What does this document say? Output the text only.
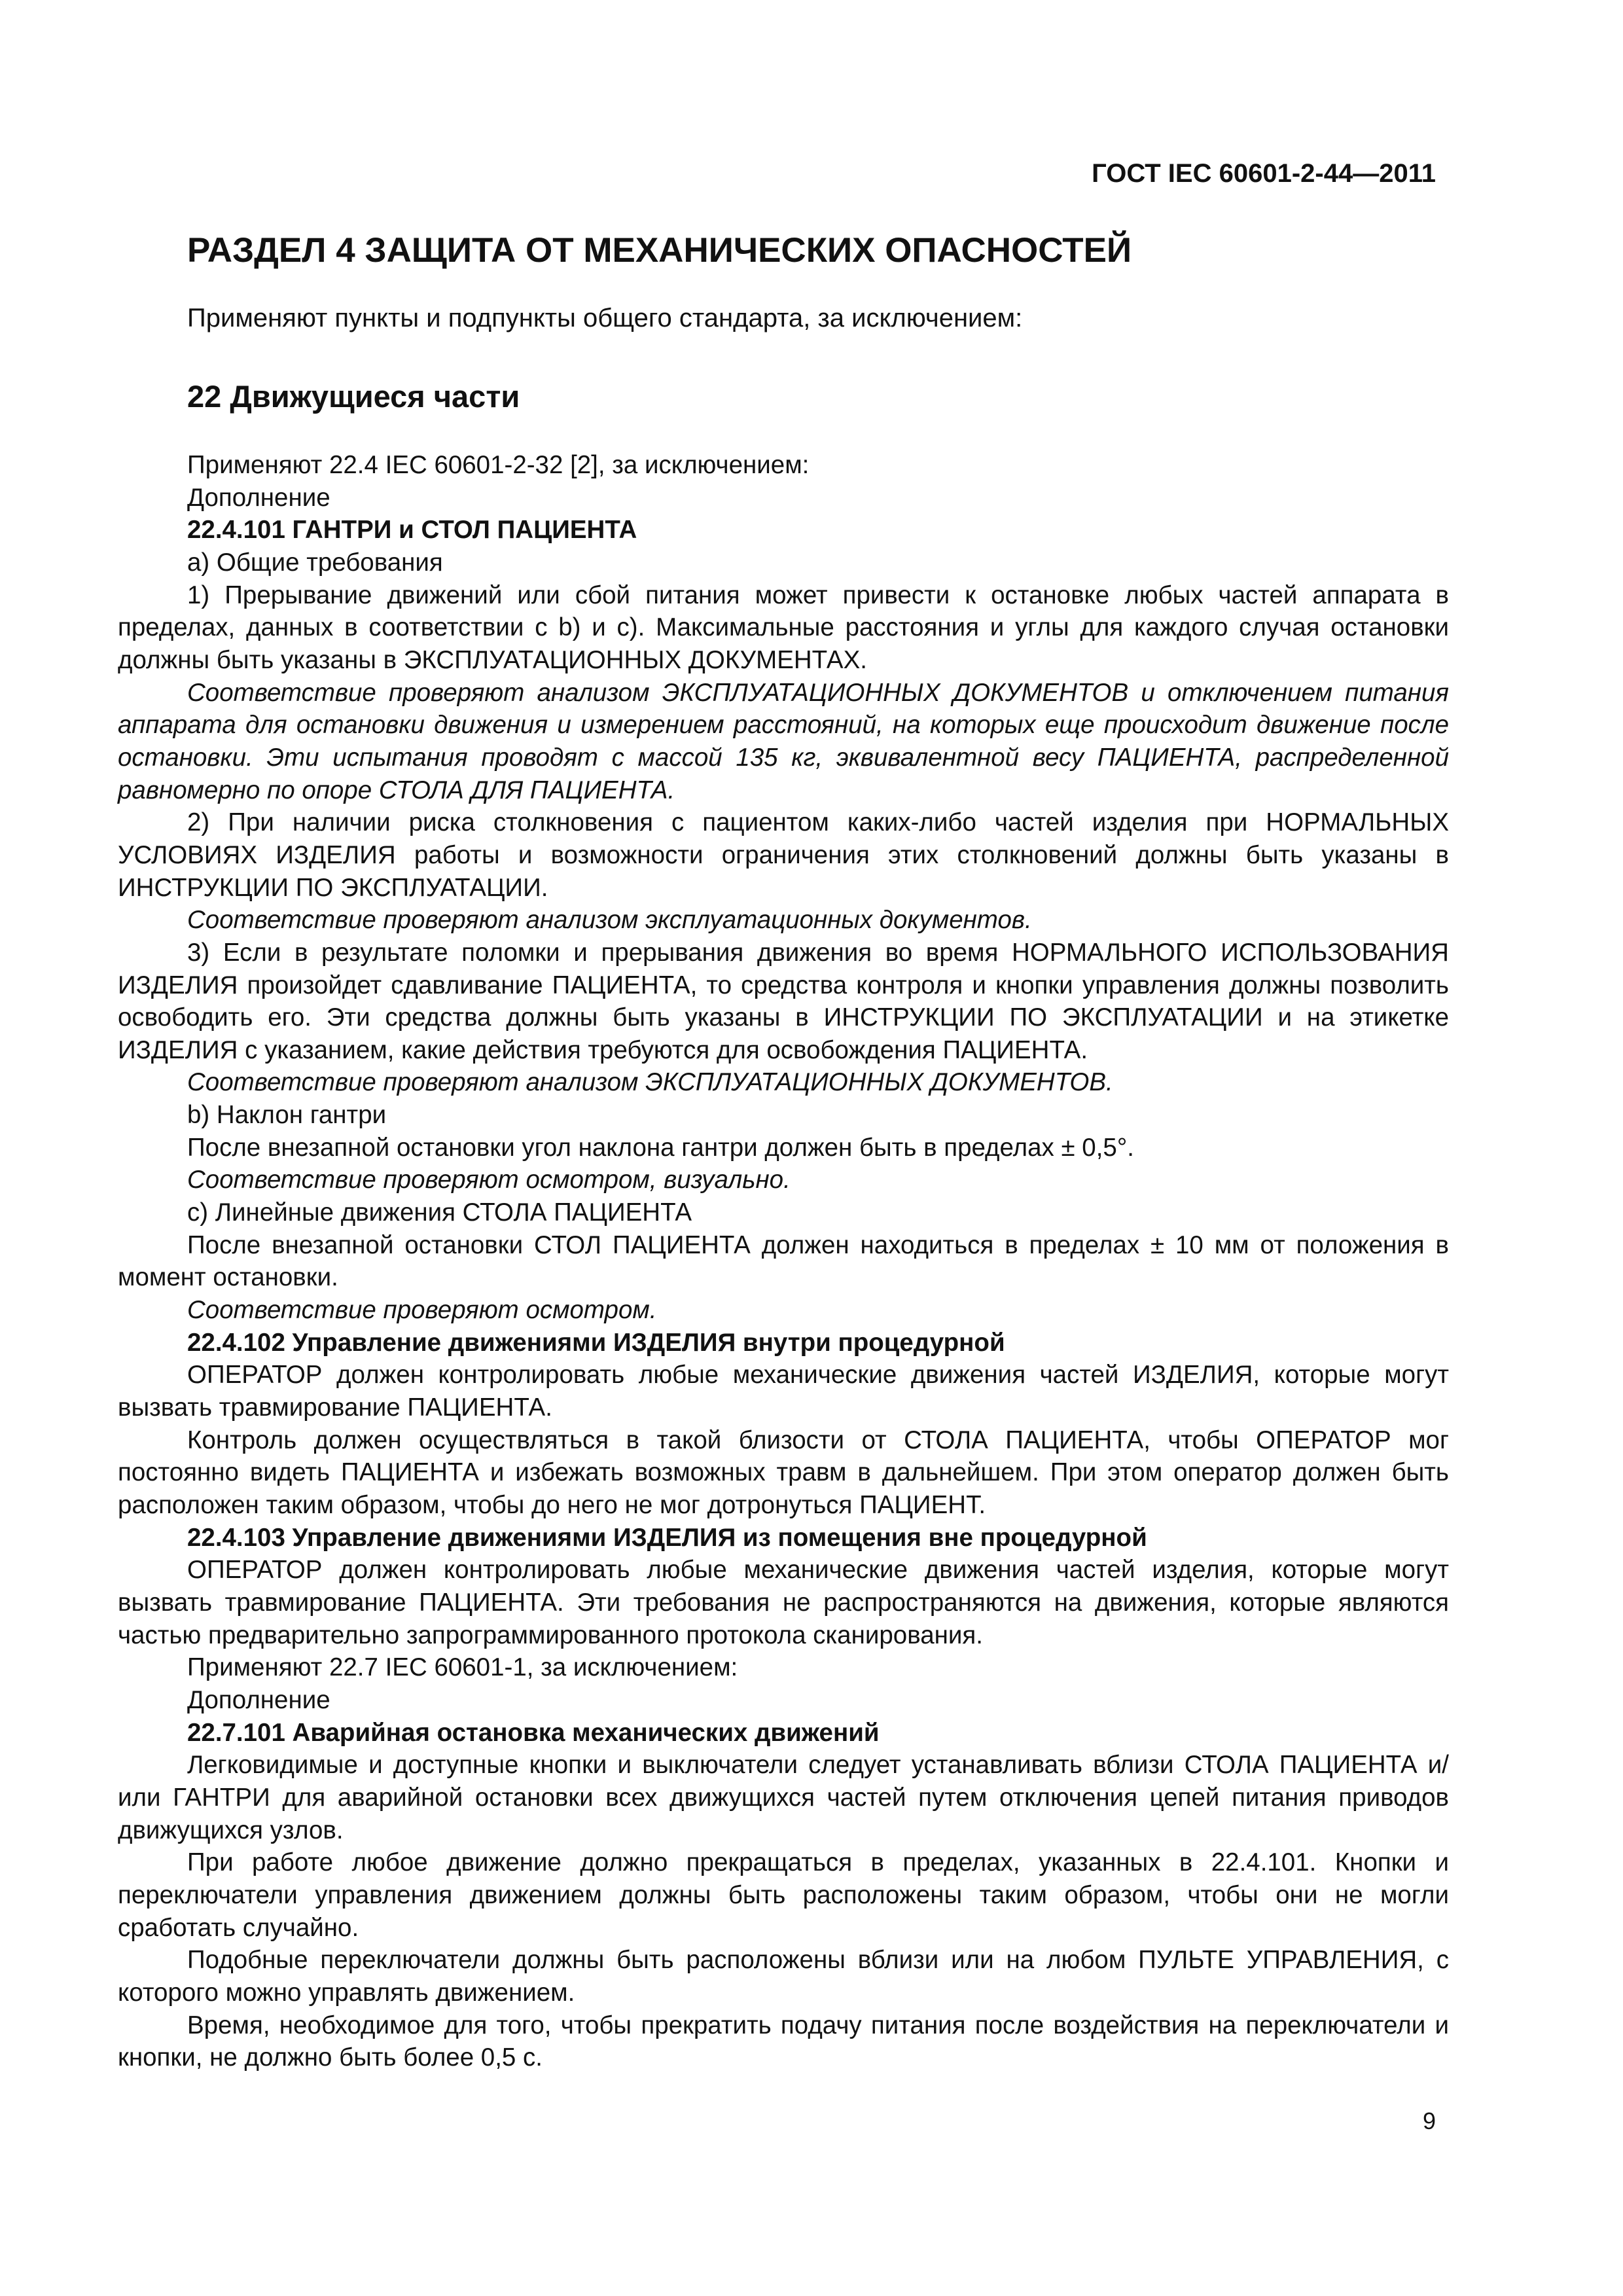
ГОСТ IEC 60601-2-44—2011
РАЗДЕЛ 4 ЗАЩИТА ОТ МЕХАНИЧЕСКИХ ОПАСНОСТЕЙ
Применяют пункты и подпункты общего стандарта, за исключением:
22 Движущиеся части

Применяют 22.4 IEC 60601-2-32 [2], за исключением:

Дополнение

22.4.101 ГАНТРИ и СТОЛ ПАЦИЕНТА

а) Общие требования

1) Прерывание движений или сбой питания может привести к остановке любых частей аппарата в пределах, данных в соответствии с b) и с). Максимальные расстояния и углы для каждого случая остановки должны быть указаны в ЭКСПЛУАТАЦИОННЫХ ДОКУМЕНТАХ.

Соответствие проверяют анализом ЭКСПЛУАТАЦИОННЫХ ДОКУМЕНТОВ и отключением питания аппарата для остановки движения и измерением расстояний, на которых еще происходит движение после остановки. Эти испытания проводят с массой 135 кг, эквивалентной весу ПАЦИЕНТА, распределенной равномерно по опоре СТОЛА ДЛЯ ПАЦИЕНТА.

2) При наличии риска столкновения с пациентом каких-либо частей изделия при НОРМАЛЬНЫХ УСЛОВИЯХ ИЗДЕЛИЯ работы и возможности ограничения этих столкновений должны быть указаны в ИНСТРУКЦИИ ПО ЭКСПЛУАТАЦИИ.

Соответствие проверяют анализом эксплуатационных документов.

3) Если в результате поломки и прерывания движения во время НОРМАЛЬНОГО ИСПОЛЬЗОВАНИЯ ИЗДЕЛИЯ произойдет сдавливание ПАЦИЕНТА, то средства контроля и кнопки управления должны позволить освободить его. Эти средства должны быть указаны в ИНСТРУКЦИИ ПО ЭКСПЛУАТАЦИИ и на этикетке ИЗДЕЛИЯ с указанием, какие действия требуются для освобождения ПАЦИЕНТА.

Соответствие проверяют анализом ЭКСПЛУАТАЦИОННЫХ ДОКУМЕНТОВ.

b) Наклон гантри

После внезапной остановки угол наклона гантри должен быть в пределах ± 0,5°.

Соответствие проверяют осмотром, визуально.

с) Линейные движения СТОЛА ПАЦИЕНТА

После внезапной остановки СТОЛ ПАЦИЕНТА должен находиться в пределах ± 10 мм от положения в момент остановки.

Соответствие проверяют осмотром.

22.4.102 Управление движениями ИЗДЕЛИЯ внутри процедурной

ОПЕРАТОР должен контролировать любые механические движения частей ИЗДЕЛИЯ, которые могут вызвать травмирование ПАЦИЕНТА.

Контроль должен осуществляться в такой близости от СТОЛА ПАЦИЕНТА, чтобы ОПЕРАТОР мог постоянно видеть ПАЦИЕНТА и избежать возможных травм в дальнейшем. При этом оператор должен быть расположен таким образом, чтобы до него не мог дотронуться ПАЦИЕНТ.

22.4.103 Управление движениями ИЗДЕЛИЯ из помещения вне процедурной

ОПЕРАТОР должен контролировать любые механические движения частей изделия, которые могут вызвать травмирование ПАЦИЕНТА. Эти требования не распространяются на движения, которые являются частью предварительно запрограммированного протокола сканирования.

Применяют 22.7 IEC 60601-1, за исключением:

Дополнение

22.7.101 Аварийная остановка механических движений

Легковидимые и доступные кнопки и выключатели следует устанавливать вблизи СТОЛА ПАЦИЕНТА и/или ГАНТРИ для аварийной остановки всех движущихся частей путем отключения цепей питания приводов движущихся узлов.

При работе любое движение должно прекращаться в пределах, указанных в 22.4.101. Кнопки и переключатели управления движением должны быть расположены таким образом, чтобы они не могли сработать случайно.

Подобные переключатели должны быть расположены вблизи или на любом ПУЛЬТЕ УПРАВЛЕНИЯ, с которого можно управлять движением.

Время, необходимое для того, чтобы прекратить подачу питания после воздействия на переключатели и кнопки, не должно быть более 0,5 с.

9
